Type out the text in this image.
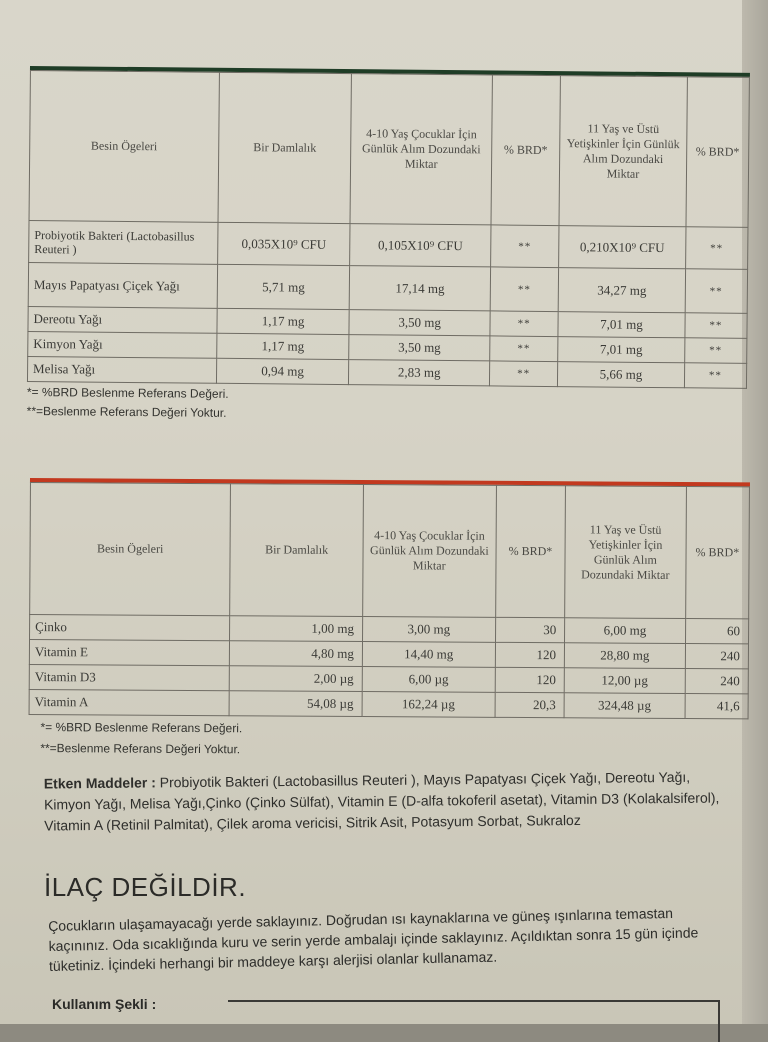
Besin Ögeleri	Bir Damlalık	4-10 Yaş Çocuklar İçin Günlük Alım Dozundaki Miktar	% BRD*	11 Yaş ve Üstü Yetişkinler İçin Günlük Alım Dozundaki Miktar	% BRD*
Probiyotik Bakteri (Lactobasillus Reuteri )	0,035X10⁹ CFU	0,105X10⁹ CFU	**	0,210X10⁹ CFU	**
Mayıs Papatyası Çiçek Yağı	5,71 mg	17,14 mg	**	34,27 mg	**
Dereotu Yağı	1,17 mg	3,50 mg	**	7,01 mg	**
Kimyon Yağı	1,17 mg	3,50 mg	**	7,01 mg	**
Melisa Yağı	0,94 mg	2,83 mg	**	5,66 mg	**
*= %BRD Beslenme Referans Değeri.
**=Beslenme Referans Değeri Yoktur.
Besin Ögeleri	Bir Damlalık	4-10 Yaş Çocuklar İçin Günlük Alım Dozundaki Miktar	% BRD*	11 Yaş ve Üstü Yetişkinler İçin Günlük Alım Dozundaki Miktar	% BRD*
Çinko	1,00 mg	3,00 mg	30	6,00 mg	60
Vitamin E	4,80 mg	14,40 mg	120	28,80 mg	240
Vitamin D3	2,00 µg	6,00 µg	120	12,00 µg	240
Vitamin A	54,08 µg	162,24 µg	20,3	324,48 µg	41,6
*= %BRD Beslenme Referans Değeri.
**=Beslenme Referans Değeri Yoktur.
Etken Maddeler : Probiyotik Bakteri (Lactobasillus Reuteri ), Mayıs Papatyası Çiçek Yağı, Dereotu Yağı, Kimyon Yağı, Melisa Yağı,Çinko (Çinko Sülfat), Vitamin E (D-alfa tokoferil asetat), Vitamin D3 (Kolakalsiferol), Vitamin A (Retinil Palmitat), Çilek aroma vericisi, Sitrik Asit, Potasyum Sorbat, Sukraloz
İLAÇ DEĞİLDİR.
Çocukların ulaşamayacağı yerde saklayınız. Doğrudan ısı kaynaklarına ve güneş ışınlarına temastan kaçınınız. Oda sıcaklığında kuru ve serin yerde ambalajı içinde saklayınız. Açıldıktan sonra 15 gün içinde tüketiniz. İçindeki herhangi bir maddeye karşı alerjisi olanlar kullanamaz.
Kullanım Şekli :
